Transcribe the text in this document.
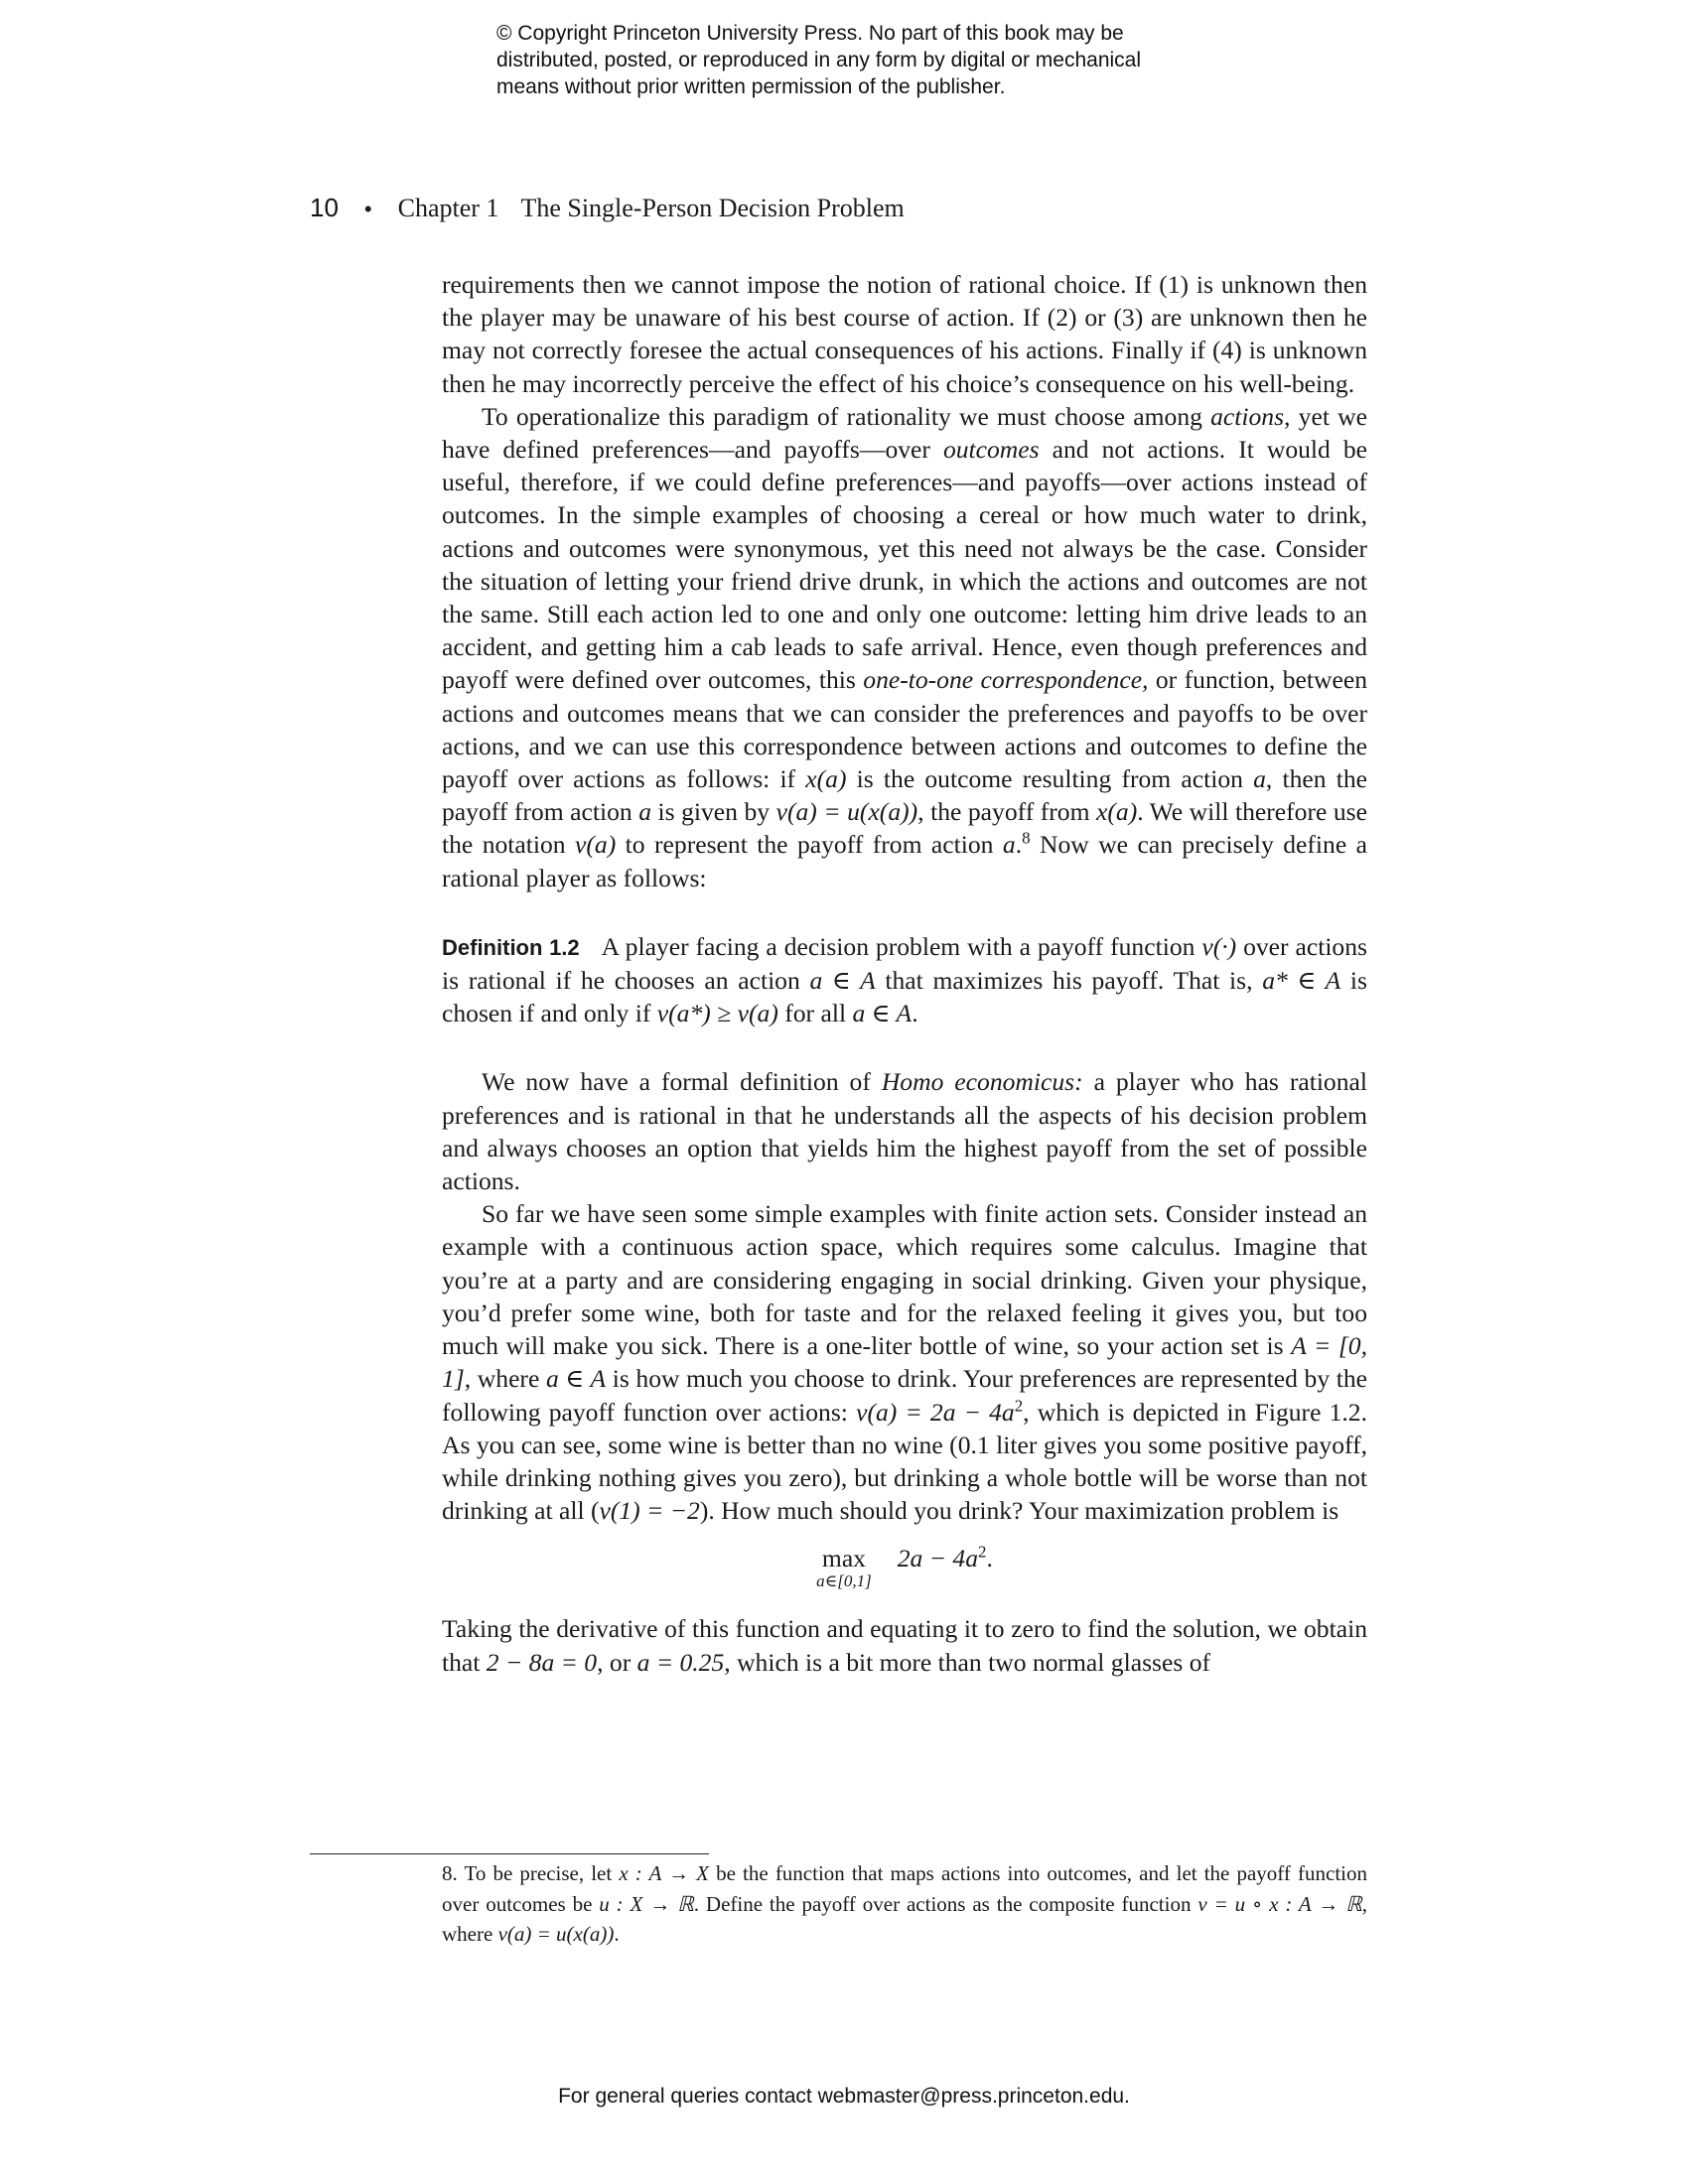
© Copyright Princeton University Press. No part of this book may be
distributed, posted, or reproduced in any form by digital or mechanical
means without prior written permission of the publisher.
10 • Chapter 1 The Single-Person Decision Problem

requirements then we cannot impose the notion of rational choice. If (1) is unknown then the player may be unaware of his best course of action. If (2) or (3) are unknown then he may not correctly foresee the actual consequences of his actions. Finally if (4) is unknown then he may incorrectly perceive the effect of his choice’s consequence on his well-being.

To operationalize this paradigm of rationality we must choose among actions, yet we have defined preferences—and payoffs—over outcomes and not actions. It would be useful, therefore, if we could define preferences—and payoffs—over actions instead of outcomes. In the simple examples of choosing a cereal or how much water to drink, actions and outcomes were synonymous, yet this need not always be the case. Consider the situation of letting your friend drive drunk, in which the actions and outcomes are not the same. Still each action led to one and only one outcome: letting him drive leads to an accident, and getting him a cab leads to safe arrival. Hence, even though preferences and payoff were defined over outcomes, this one-to-one correspondence, or function, between actions and outcomes means that we can consider the preferences and payoffs to be over actions, and we can use this correspondence between actions and outcomes to define the payoff over actions as follows: if x(a) is the outcome resulting from action a, then the payoff from action a is given by v(a) = u(x(a)), the payoff from x(a). We will therefore use the notation v(a) to represent the payoff from action a.$^8$ Now we can precisely define a rational player as follows:

Definition 1.2 A player facing a decision problem with a payoff function v(·) over actions is rational if he chooses an action a ∈ A that maximizes his payoff. That is, a* ∈ A is chosen if and only if v(a*) ≥ v(a) for all a ∈ A.

We now have a formal definition of Homo economicus: a player who has rational preferences and is rational in that he understands all the aspects of his decision problem and always chooses an option that yields him the highest payoff from the set of possible actions.

So far we have seen some simple examples with finite action sets. Consider instead an example with a continuous action space, which requires some calculus. Imagine that you’re at a party and are considering engaging in social drinking. Given your physique, you’d prefer some wine, both for taste and for the relaxed feeling it gives you, but too much will make you sick. There is a one-liter bottle of wine, so your action set is A = [0, 1], where a ∈ A is how much you choose to drink. Your preferences are represented by the following payoff function over actions: $v(a) = 2a - 4a^2$, which is depicted in Figure 1.2. As you can see, some wine is better than no wine (0.1 liter gives you some positive payoff, while drinking nothing gives you zero), but drinking a whole bottle will be worse than not drinking at all (v(1) = −2). How much should you drink? Your maximization problem is

max
a∈[0,1]
$2a - 4a^2$.

Taking the derivative of this function and equating it to zero to find the solution, we obtain that 2 − 8a = 0, or a = 0.25, which is a bit more than two normal glasses of

8. To be precise, let x : A → X be the function that maps actions into outcomes, and let the payoff function over outcomes be u : X → ℝ. Define the payoff over actions as the composite function v = u ∘ x : A → ℝ, where v(a) = u(x(a)).
For general queries contact webmaster@press.princeton.edu.
